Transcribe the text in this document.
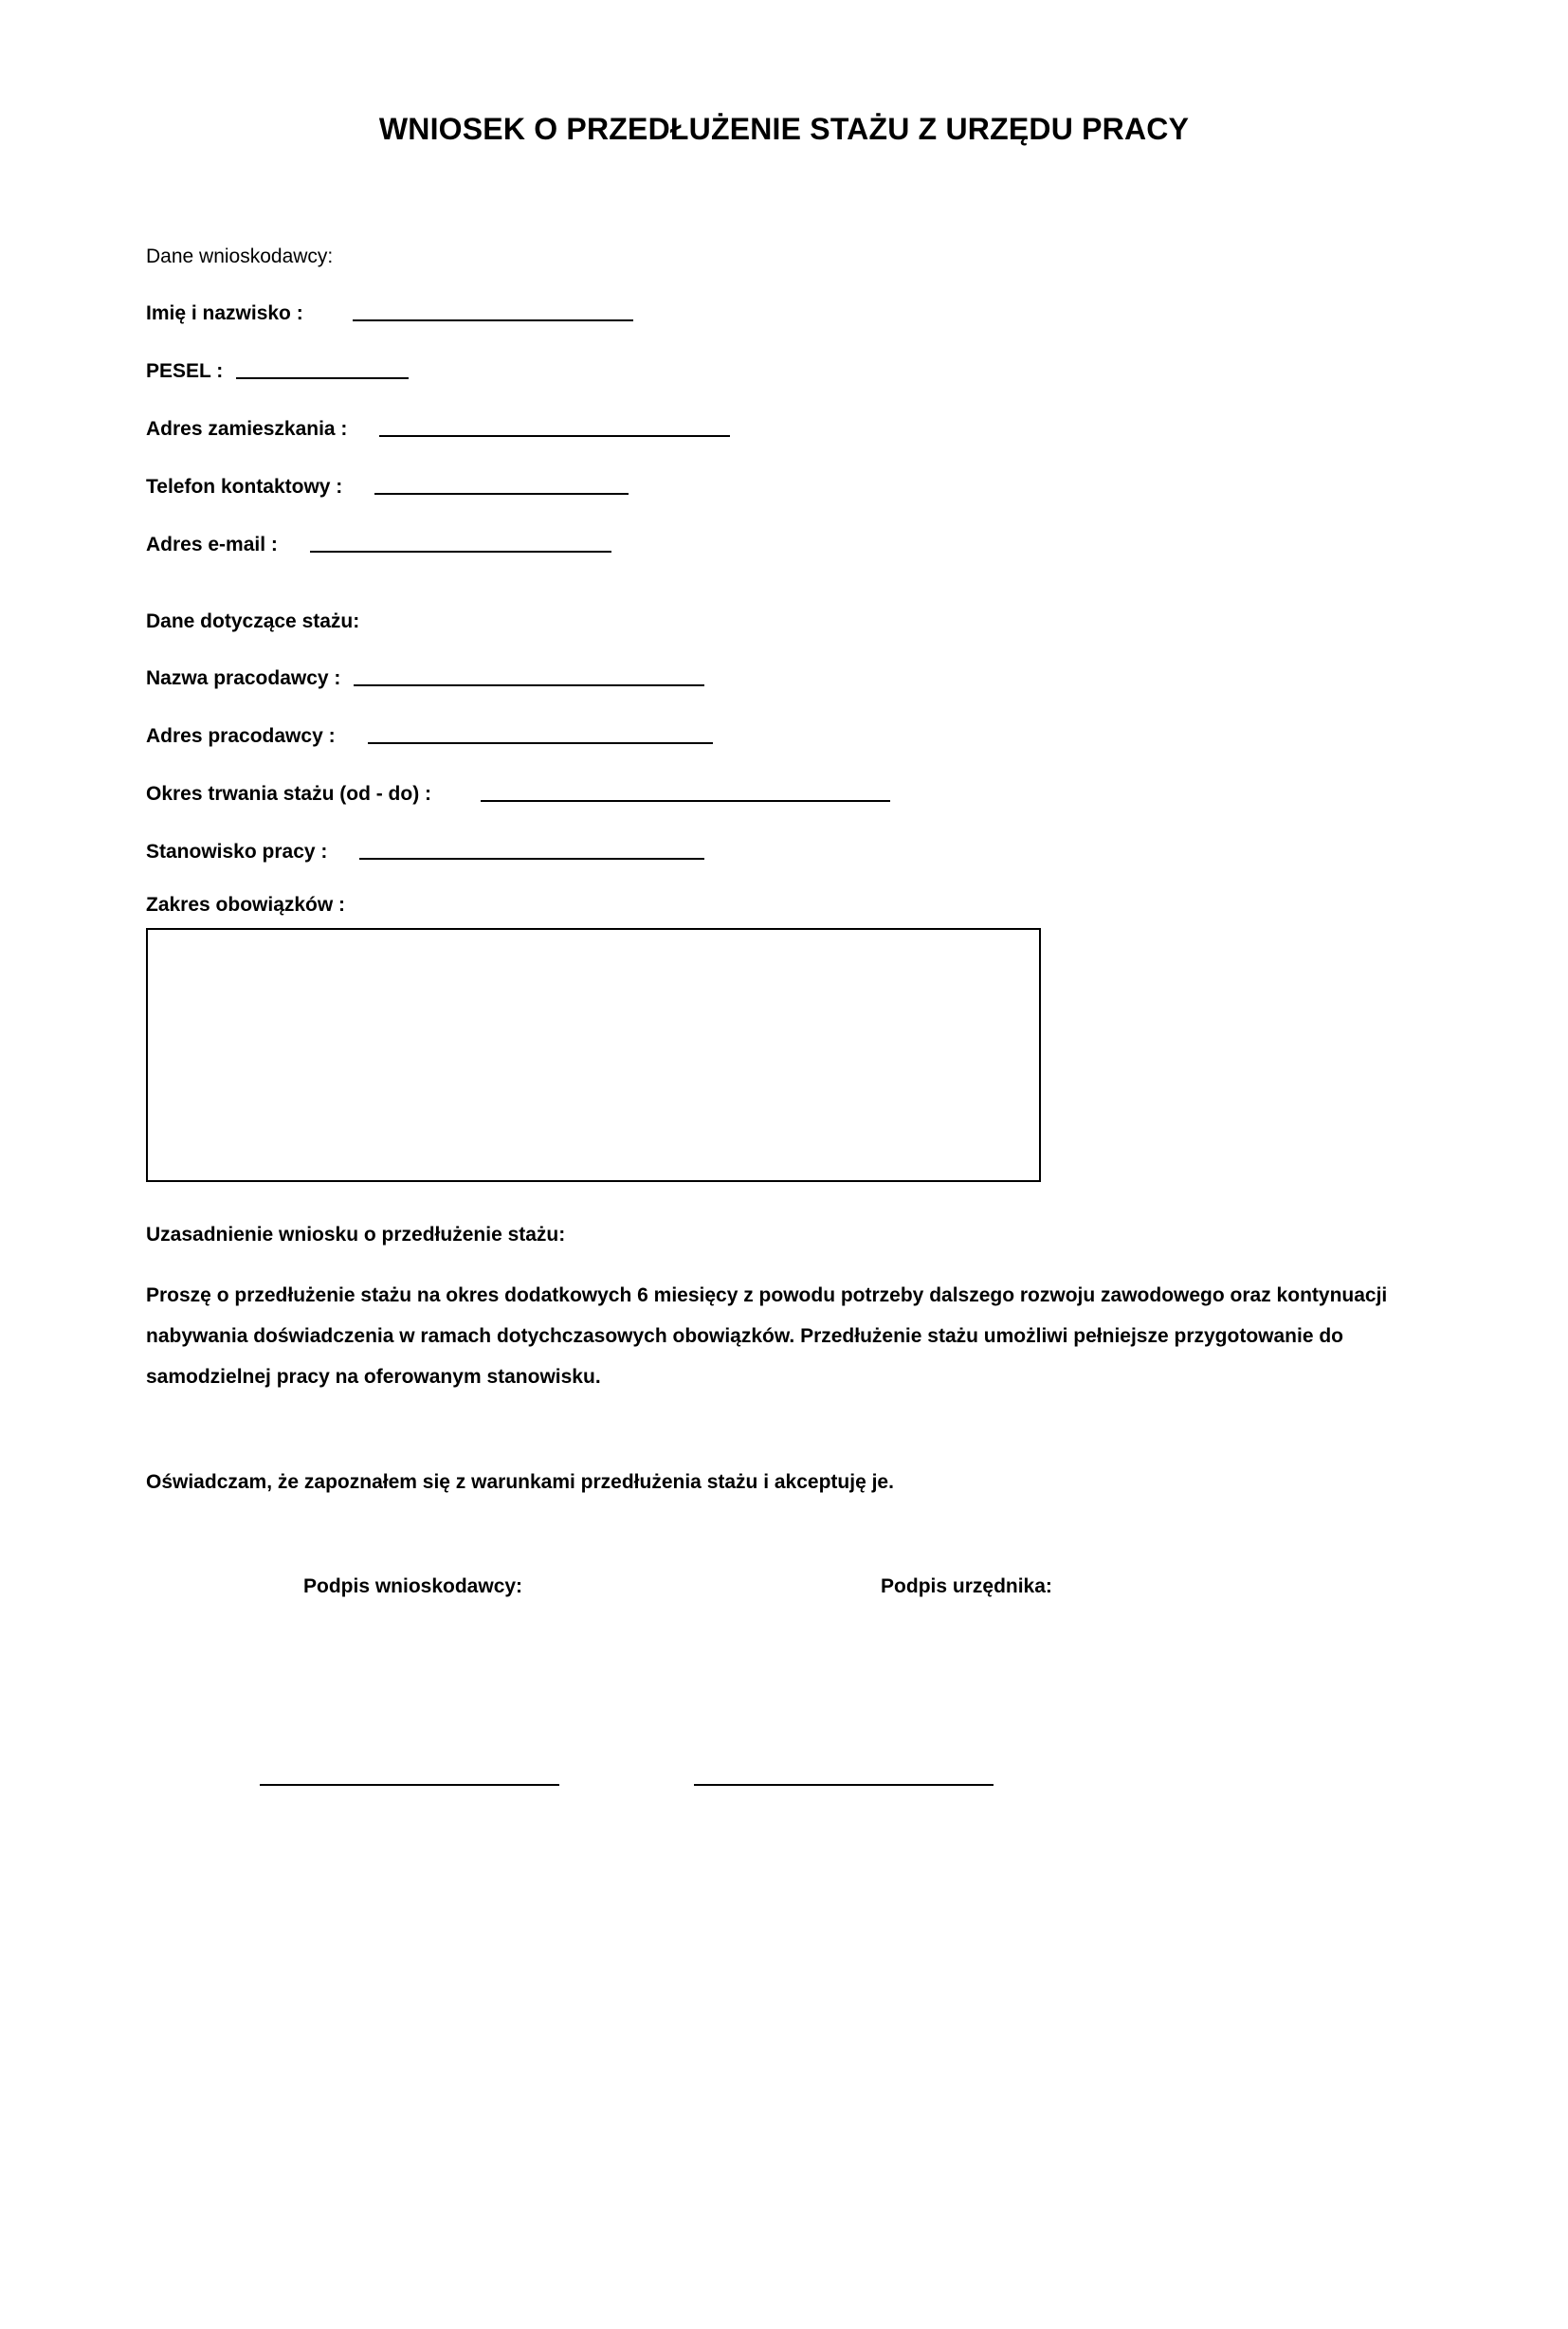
WNIOSEK O PRZEDŁUŻENIE STAŻU Z URZĘDU PRACY
Dane wnioskodawcy:
Imię i nazwisko :
PESEL :
Adres zamieszkania :
Telefon kontaktowy :
Adres e-mail :
Dane dotyczące stażu:
Nazwa pracodawcy :
Adres pracodawcy :
Okres trwania stażu (od - do) :
Stanowisko pracy :
Zakres obowiązków :
Uzasadnienie wniosku o przedłużenie stażu:
Proszę o przedłużenie stażu na okres dodatkowych 6 miesięcy z powodu potrzeby dalszego rozwoju zawodowego oraz kontynuacji nabywania doświadczenia w ramach dotychczasowych obowiązków. Przedłużenie stażu umożliwi pełniejsze przygotowanie do samodzielnej pracy na oferowanym stanowisku.
Oświadczam, że zapoznałem się z warunkami przedłużenia stażu i akceptuję je.
Podpis wnioskodawcy:	Podpis urzędnika:
